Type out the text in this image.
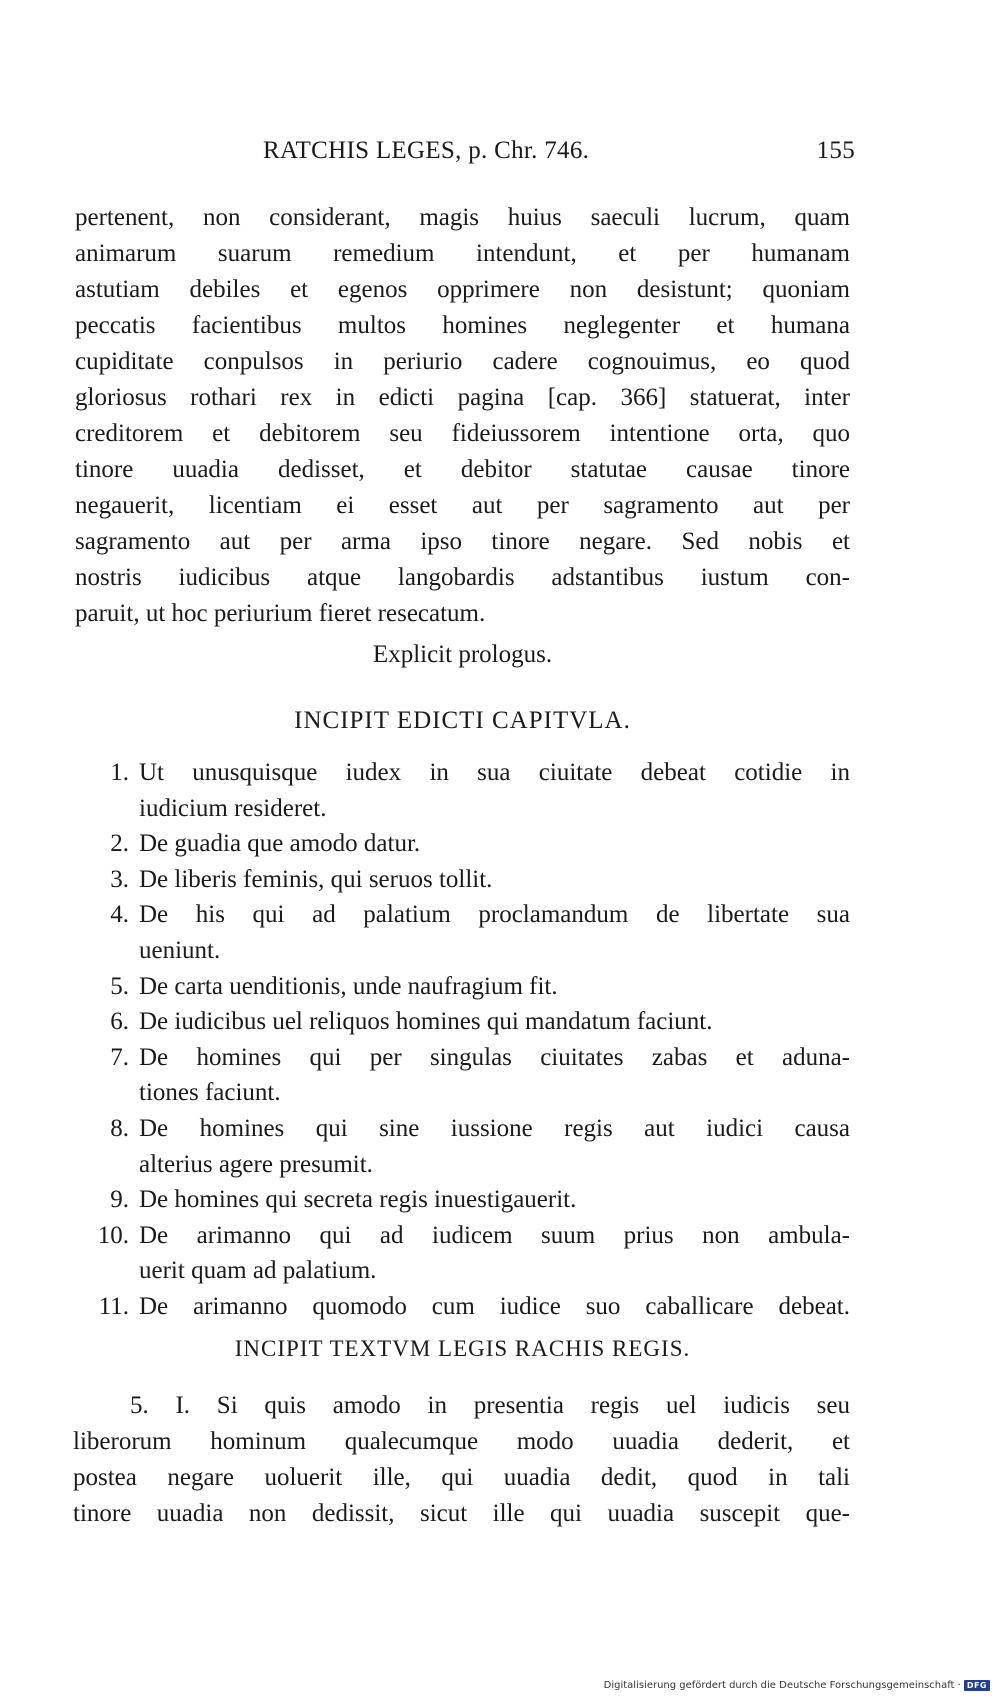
RATCHIS LEGES, p. Chr. 746.	155
pertenent, non considerant, magis huius saeculi lucrum, quam
animarum suarum remedium intendunt, et per humanam
astutiam debiles et egenos opprimere non desistunt; quoniam
peccatis facientibus multos homines neglegenter et humana
cupiditate conpulsos in periurio cadere cognouimus, eo quod
gloriosus rothari rex in edicti pagina [cap. 366] statuerat, inter
creditorem et debitorem seu fideiussorem intentione orta, quo
tinore uuadia dedisset, et debitor statutae causae tinore
negauerit, licentiam ei esset aut per sagramento aut per
sagramento aut per arma ipso tinore negare. Sed nobis et
nostris iudicibus atque langobardis adstantibus iustum con-
paruit, ut hoc periurium fieret resecatum.
Explicit prologus.
INCIPIT EDICTI CAPITVLA.
1. Ut unusquisque iudex in sua ciuitate debeat cotidie in
iudicium resideret.
2. De guadia que amodo datur.
3. De liberis feminis, qui seruos tollit.
4. De his qui ad palatium proclamandum de libertate sua
ueniunt.
5. De carta uenditionis, unde naufragium fit.
6. De iudicibus uel reliquos homines qui mandatum faciunt.
7. De homines qui per singulas ciuitates zabas et aduna-
tiones faciunt.
8. De homines qui sine iussione regis aut iudici causa
alterius agere presumit.
9. De homines qui secreta regis inuestigauerit.
10. De arimanno qui ad iudicem suum prius non ambula-
uerit quam ad palatium.
11. De arimanno quomodo cum iudice suo caballicare debeat.
INCIPIT TEXTVM LEGIS RACHIS REGIS.
5. I. Si quis amodo in presentia regis uel iudicis seu
liberorum hominum qualecumque modo uuadia dederit, et
postea negare uoluerit ille, qui uuadia dedit, quod in tali
tinore uuadia non dedissit, sicut ille qui uuadia suscepit que-
Digitalisierung gefördert durch die Deutsche Forschungsgemeinschaft · DFG
